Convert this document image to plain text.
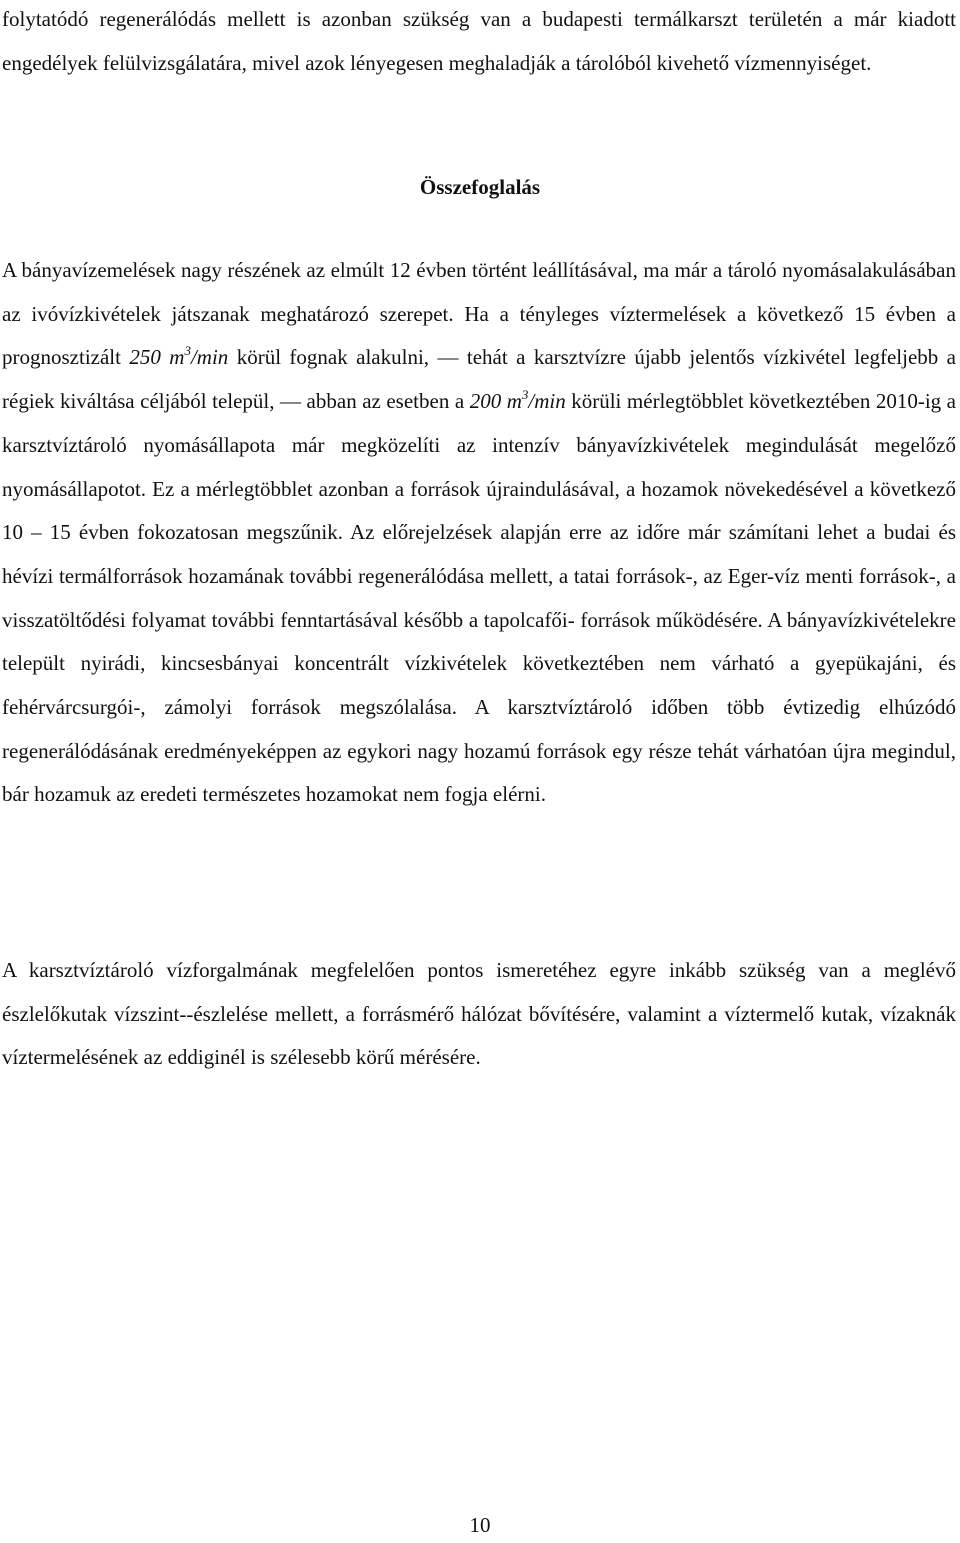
folytatódó regenerálódás mellett is azonban szükség van a budapesti termálkarszt területén a már kiadott engedélyek felülvizsgálatára, mivel azok lényegesen meghaladják a tárolóból kivehető vízmennyiséget.

Összefoglalás

A bányavízemelések nagy részének az elmúlt 12 évben történt leállításával, ma már a tároló nyomásalakulásában az ivóvízkivételek játszanak meghatározó szerepet. Ha a tényleges víztermelések a következő 15 évben a prognosztizált 250 $m^3/\min$ körül fognak alakulni, — tehát a karsztvízre újabb jelentős vízkivétel legfeljebb a régiek kiváltása céljából települ, — abban az esetben a 200 $m^3/\min$ körüli mérlegtöbblet következtében 2010-ig a karsztvíztároló nyomásállapota már megközelíti az intenzív bányavízkivételek megindulását megelőző nyomásállapotot. Ez a mérlegtöbblet azonban a források újraindulásával, a hozamok növekedésével a következő 10 – 15 évben fokozatosan megszűnik. Az előrejelzések alapján erre az időre már számítani lehet a budai és hévízi termálforrások hozamának további regenerálódása mellett, a tatai források-, az Eger-víz menti források-, a visszatöltődési folyamat további fenntartásával később a tapolcafői- források működésére. A bányavízkivételekre települt nyirádi, kincsesbányai koncentrált vízkivételek következtében nem várható a gyepükajáni, és fehérvárcsurgói-, zámolyi források megszólalása. A karsztvíztároló időben több évtizedig elhúzódó regenerálódásának eredményeképpen az egykori nagy hozamú források egy része tehát várhatóan újra megindul, bár hozamuk az eredeti természetes hozamokat nem fogja elérni.

A karsztvíztároló vízforgalmának megfelelően pontos ismeretéhez egyre inkább szükség van a meglévő észlelőkutak vízszint--észlelése mellett, a forrásmérő hálózat bővítésére, valamint a víztermelő kutak, vízaknák víztermelésének az eddiginél is szélesebb körű mérésére.

10
